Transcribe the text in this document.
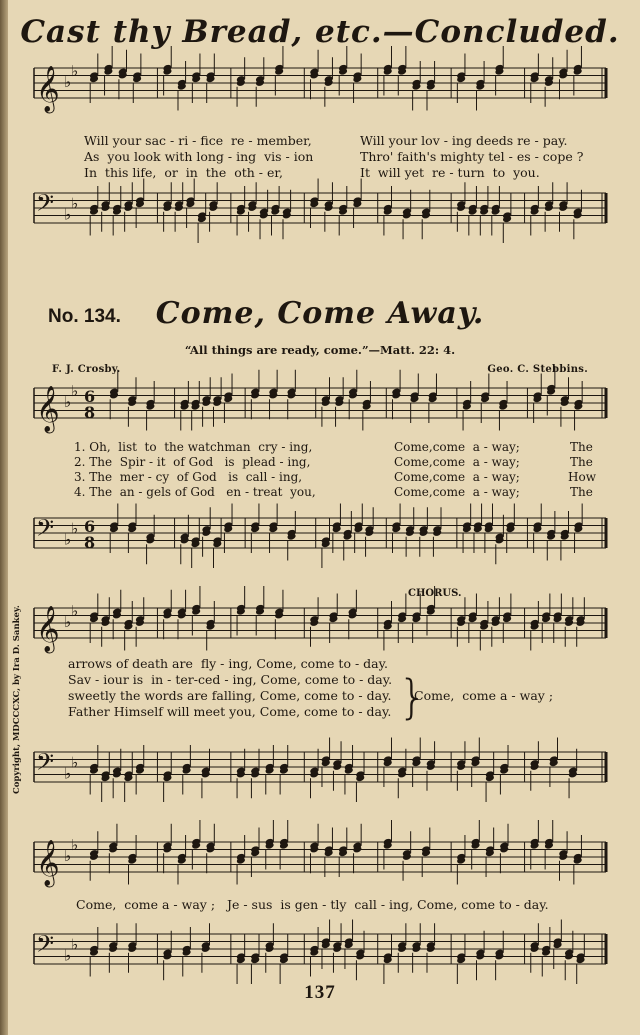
Cast thy Bread, etc.—Concluded.
𝄞 ♭
♭
𝄢 ♭
♭
Will your sac - ri - fice  re - member,	Will your lov - ing deeds re - pay.
As  you look with long - ing  vis - ion	Thro' faith's mighty tel - es - cope ?
In  this life,  or  in  the  oth - er,	It  will yet  re - turn  to  you.
No. 134.	Come, Come Away.
“All things are ready, come.”—Matt. 22: 4.
F. J. Crosby.	Geo. C. Stebbins.
𝄞 ♭
♭ 6
8
𝄢 ♭
♭ 6
8
1. Oh,  list  to  the watchman  cry - ing,	Come,come  a - way;	The
2. The  Spir - it  of God   is  plead - ing,	Come,come  a - way;	The
3. The  mer - cy  of God   is  call - ing,	Come,come  a - way;	How
4. The  an - gels of God   en - treat  you,	Come,come  a - way;	The
CHORUS.
𝄞 ♭
♭
𝄢 ♭
♭
arrows of death are  fly - ing, Come, come to - day.
Sav - iour is  in - ter-ced - ing, Come, come to - day.
sweetly the words are falling, Come, come to - day.
Father Himself will meet you, Come, come to - day. }
Come,  come a - way ;
Copyright, MDCCCXC, by Ira D. Sankey.
𝄞 ♭
♭
𝄢 ♭
♭
Come,  come a - way ;   Je - sus  is gen - tly  call - ing, Come, come to - day.
137
